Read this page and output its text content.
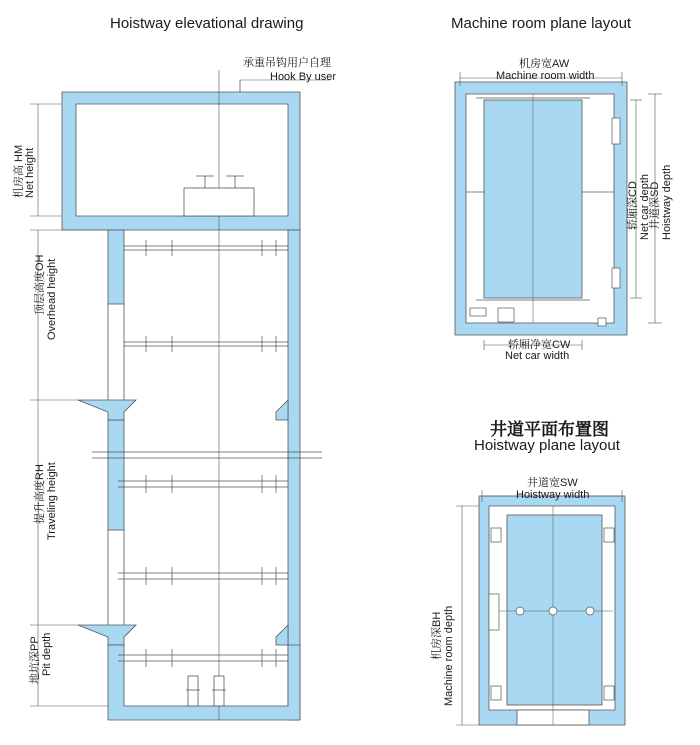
Hoistway elevational drawing	Machine room plane layout
井道平面布置图
Hoistway plane layout
机房高 HM Net height
顶层高度OH Overhead height
提升高度RH Traveling height
地坑深PP Pit depth
承重吊钩用户自理
Hook By user
机房宽AW
Machine room width
轿厢净宽CW
Net car width
轿厢深CD Net car depth
井道深SD Hoistway depth
井道宽SW
Hoistway width
机房深BH Machine room depth
